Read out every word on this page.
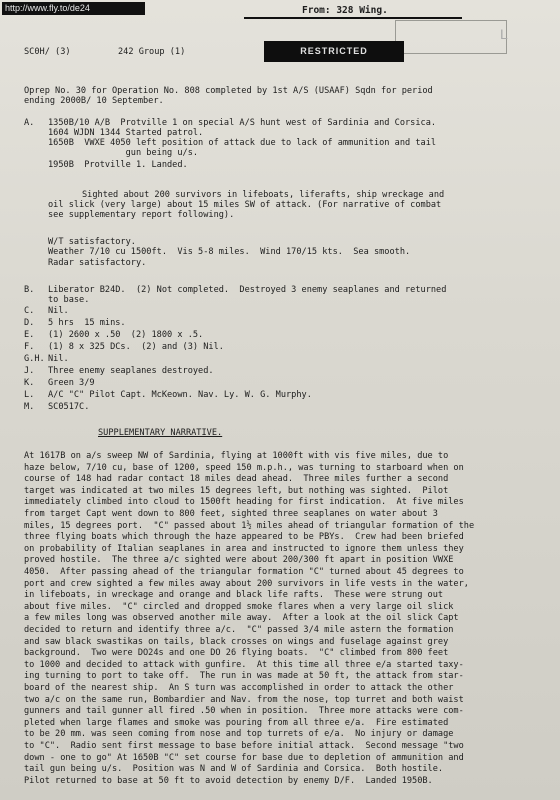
http://www.fly.to/de24	From: 328 Wing.
L
RESTRICTED
SC0H/ (3)	242 Group (1)
Oprep No. 30 for Operation No. 808 completed by 1st A/S (USAAF) Sqdn for period
ending 2000B/ 10 September.
A. 1350B/10 A/B  Protville 1 on special A/S hunt west of Sardinia and Corsica.
1604 WJDN 1344 Started patrol.
1650B  VWXE 4050 left position of attack due to lack of ammunition and tail
gun being u/s.
1950B  Protville 1. Landed.
Sighted about 200 survivors in lifeboats, liferafts, ship wreckage and
oil slick (very large) about 15 miles SW of attack. (For narrative of combat
see supplementary report following).
W/T satisfactory.
Weather 7/10 cu 1500ft.  Vis 5-8 miles.  Wind 170/15 kts.  Sea smooth.
Radar satisfactory.
B. Liberator B24D.  (2) Not completed.  Destroyed 3 enemy seaplanes and returned
to base.
C. Nil.
D. 5 hrs  15 mins.
E. (1) 2600 x .50  (2) 1800 x .5.
F. (1) 8 x 325 DCs.  (2) and (3) Nil.
G.H. Nil.
J. Three enemy seaplanes destroyed.
K. Green 3/9
L. A/C "C" Pilot Capt. McKeown. Nav. Ly. W. G. Murphy.
M. SC0517C.
SUPPLEMENTARY NARRATIVE.
At 1617B on a/s sweep NW of Sardinia, flying at 1000ft with vis five miles, due to
haze below, 7/10 cu, base of 1200, speed 150 m.p.h., was turning to starboard when on
course of 148 had radar contact 18 miles dead ahead.  Three miles further a second
target was indicated at two miles 15 degrees left, but nothing was sighted.  Pilot
immediately climbed into cloud to 1500ft heading for first indication.  At five miles
from target Capt went down to 800 feet, sighted three seaplanes on water about 3
miles, 15 degrees port.  "C" passed about 1½ miles ahead of triangular formation of the
three flying boats which through the haze appeared to be PBYs.  Crew had been briefed
on probability of Italian seaplanes in area and instructed to ignore them unless they
proved hostile.  The three a/c sighted were about 200/300 ft apart in position VWXE
4050.  After passing ahead of the triangular formation "C" turned about 45 degrees to
port and crew sighted a few miles away about 200 survivors in life vests in the water,
in lifeboats, in wreckage and orange and black life rafts.  These were strung out
about five miles.  "C" circled and dropped smoke flares when a very large oil slick
a few miles long was observed another mile away.  After a look at the oil slick Capt
decided to return and identify three a/c.  "C" passed 3/4 mile astern the formation
and saw black swastikas on tails, black crosses on wings and fuselage against grey
background.  Two were DO24s and one DO 26 flying boats.  "C" climbed from 800 feet
to 1000 and decided to attack with gunfire.  At this time all three e/a started taxy-
ing turning to port to take off.  The run in was made at 50 ft, the attack from star-
board of the nearest ship.  An S turn was accomplished in order to attack the other
two a/c on the same run, Bombardier and Nav. from the nose, top turret and both waist
gunners and tail gunner all fired .50 when in position.  Three more attacks were com-
pleted when large flames and smoke was pouring from all three e/a.  Fire estimated
to be 20 mm. was seen coming from nose and top turrets of e/a.  No injury or damage
to "C".  Radio sent first message to base before initial attack.  Second message "two
down - one to go" At 1650B "C" set course for base due to depletion of ammunition and
tail gun being u/s.  Position was N and W of Sardinia and Corsica.  Both hostile.
Pilot returned to base at 50 ft to avoid detection by enemy D/F.  Landed 1950B.
